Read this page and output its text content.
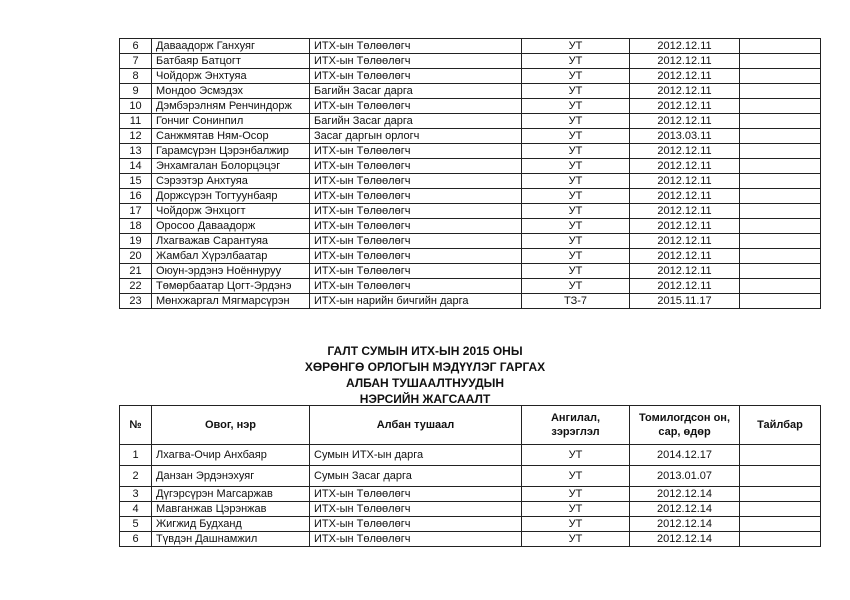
6	Даваадорж Ганхуяг	ИТХ-ын Төлөөлөгч	УТ	2012.12.11	
7	Батбаяр Батцогт	ИТХ-ын Төлөөлөгч	УТ	2012.12.11	
8	Чойдорж Энхтуяа	ИТХ-ын Төлөөлөгч	УТ	2012.12.11	
9	Мондоо Эсмэдэх	Багийн Засаг дарга	УТ	2012.12.11	
10	Дэмбэрэлням Ренчиндорж	ИТХ-ын Төлөөлөгч	УТ	2012.12.11	
11	Гончиг Сонинпил	Багийн Засаг дарга	УТ	2012.12.11	
12	Санжмятав Ням-Осор	Засаг даргын орлогч	УТ	2013.03.11	
13	Гарамсүрэн Цэрэнбалжир	ИТХ-ын Төлөөлөгч	УТ	2012.12.11	
14	Энхамгалан Болорцэцэг	ИТХ-ын Төлөөлөгч	УТ	2012.12.11	
15	Сэрээтэр Анхтуяа	ИТХ-ын Төлөөлөгч	УТ	2012.12.11	
16	Доржсүрэн Тогтуунбаяр	ИТХ-ын Төлөөлөгч	УТ	2012.12.11	
17	Чойдорж Энхцогт	ИТХ-ын Төлөөлөгч	УТ	2012.12.11	
18	Оросоо Даваадорж	ИТХ-ын Төлөөлөгч	УТ	2012.12.11	
19	Лхагважав Сарантуяа	ИТХ-ын Төлөөлөгч	УТ	2012.12.11	
20	Жамбал Хүрэлбаатар	ИТХ-ын Төлөөлөгч	УТ	2012.12.11	
21	Оюун-эрдэнэ Ноённуруу	ИТХ-ын Төлөөлөгч	УТ	2012.12.11	
22	Төмөрбаатар Цогт-Эрдэнэ	ИТХ-ын Төлөөлөгч	УТ	2012.12.11	
23	Мөнхжаргал Мягмарсүрэн	ИТХ-ын нарийн бичгийн дарга	ТЗ-7	2015.11.17	
ГАЛТ СУМЫН ИТХ-ЫН 2015 ОНЫ
ХӨРӨНГӨ ОРЛОГЫН МЭДҮҮЛЭГ ГАРГАХ
АЛБАН ТУШААЛТНУУДЫН
НЭРСИЙН ЖАГСААЛТ
№	Овог, нэр	Албан тушаал	Ангилал, зэрэглэл	Томилогдсон он, сар, өдөр	Тайлбар
1	Лхагва-Очир Анхбаяр	Сумын ИТХ-ын дарга	УТ	2014.12.17	
2	Данзан Эрдэнэхуяг	Сумын Засаг дарга	УТ	2013.01.07	
3	Дүгэрсүрэн Магсаржав	ИТХ-ын Төлөөлөгч	УТ	2012.12.14	
4	Мавганжав Цэрэнжав	ИТХ-ын Төлөөлөгч	УТ	2012.12.14	
5	Жигжид Будханд	ИТХ-ын Төлөөлөгч	УТ	2012.12.14	
6	Түвдэн Дашнамжил	ИТХ-ын Төлөөлөгч	УТ	2012.12.14	
